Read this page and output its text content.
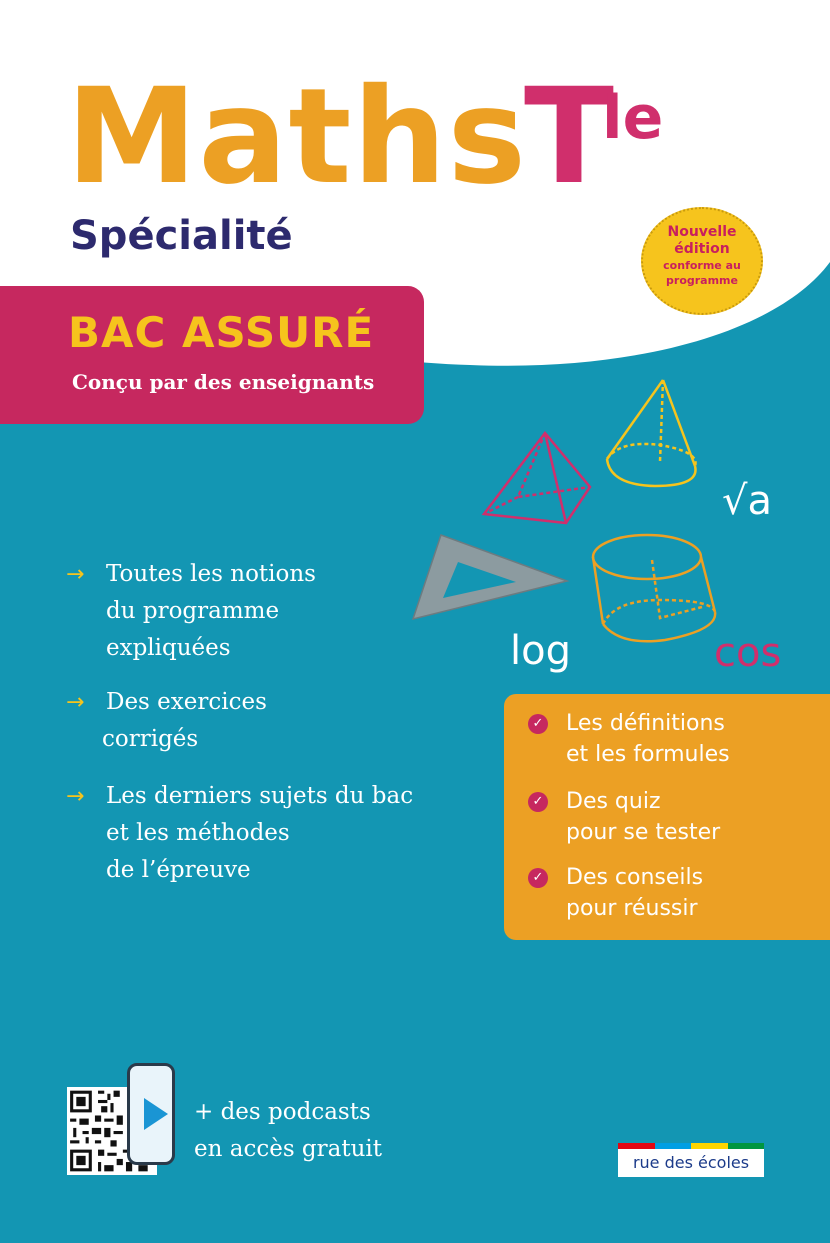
√a
log	cos
Maths
T
le
Spécialité	Nouvelle
édition
conforme au
programme
BAC ASSURÉ
Conçu par des enseignants
→ Toutes les notions
du programme
expliquées
→ Des exercices
corrigés
→ Les derniers sujets du bac
et les méthodes
de l’épreuve
✓ Les définitions
et les formules
✓ Des quiz
pour se tester
✓ Des conseils
pour réussir
+ des podcasts
en accès gratuit
rue des écoles
